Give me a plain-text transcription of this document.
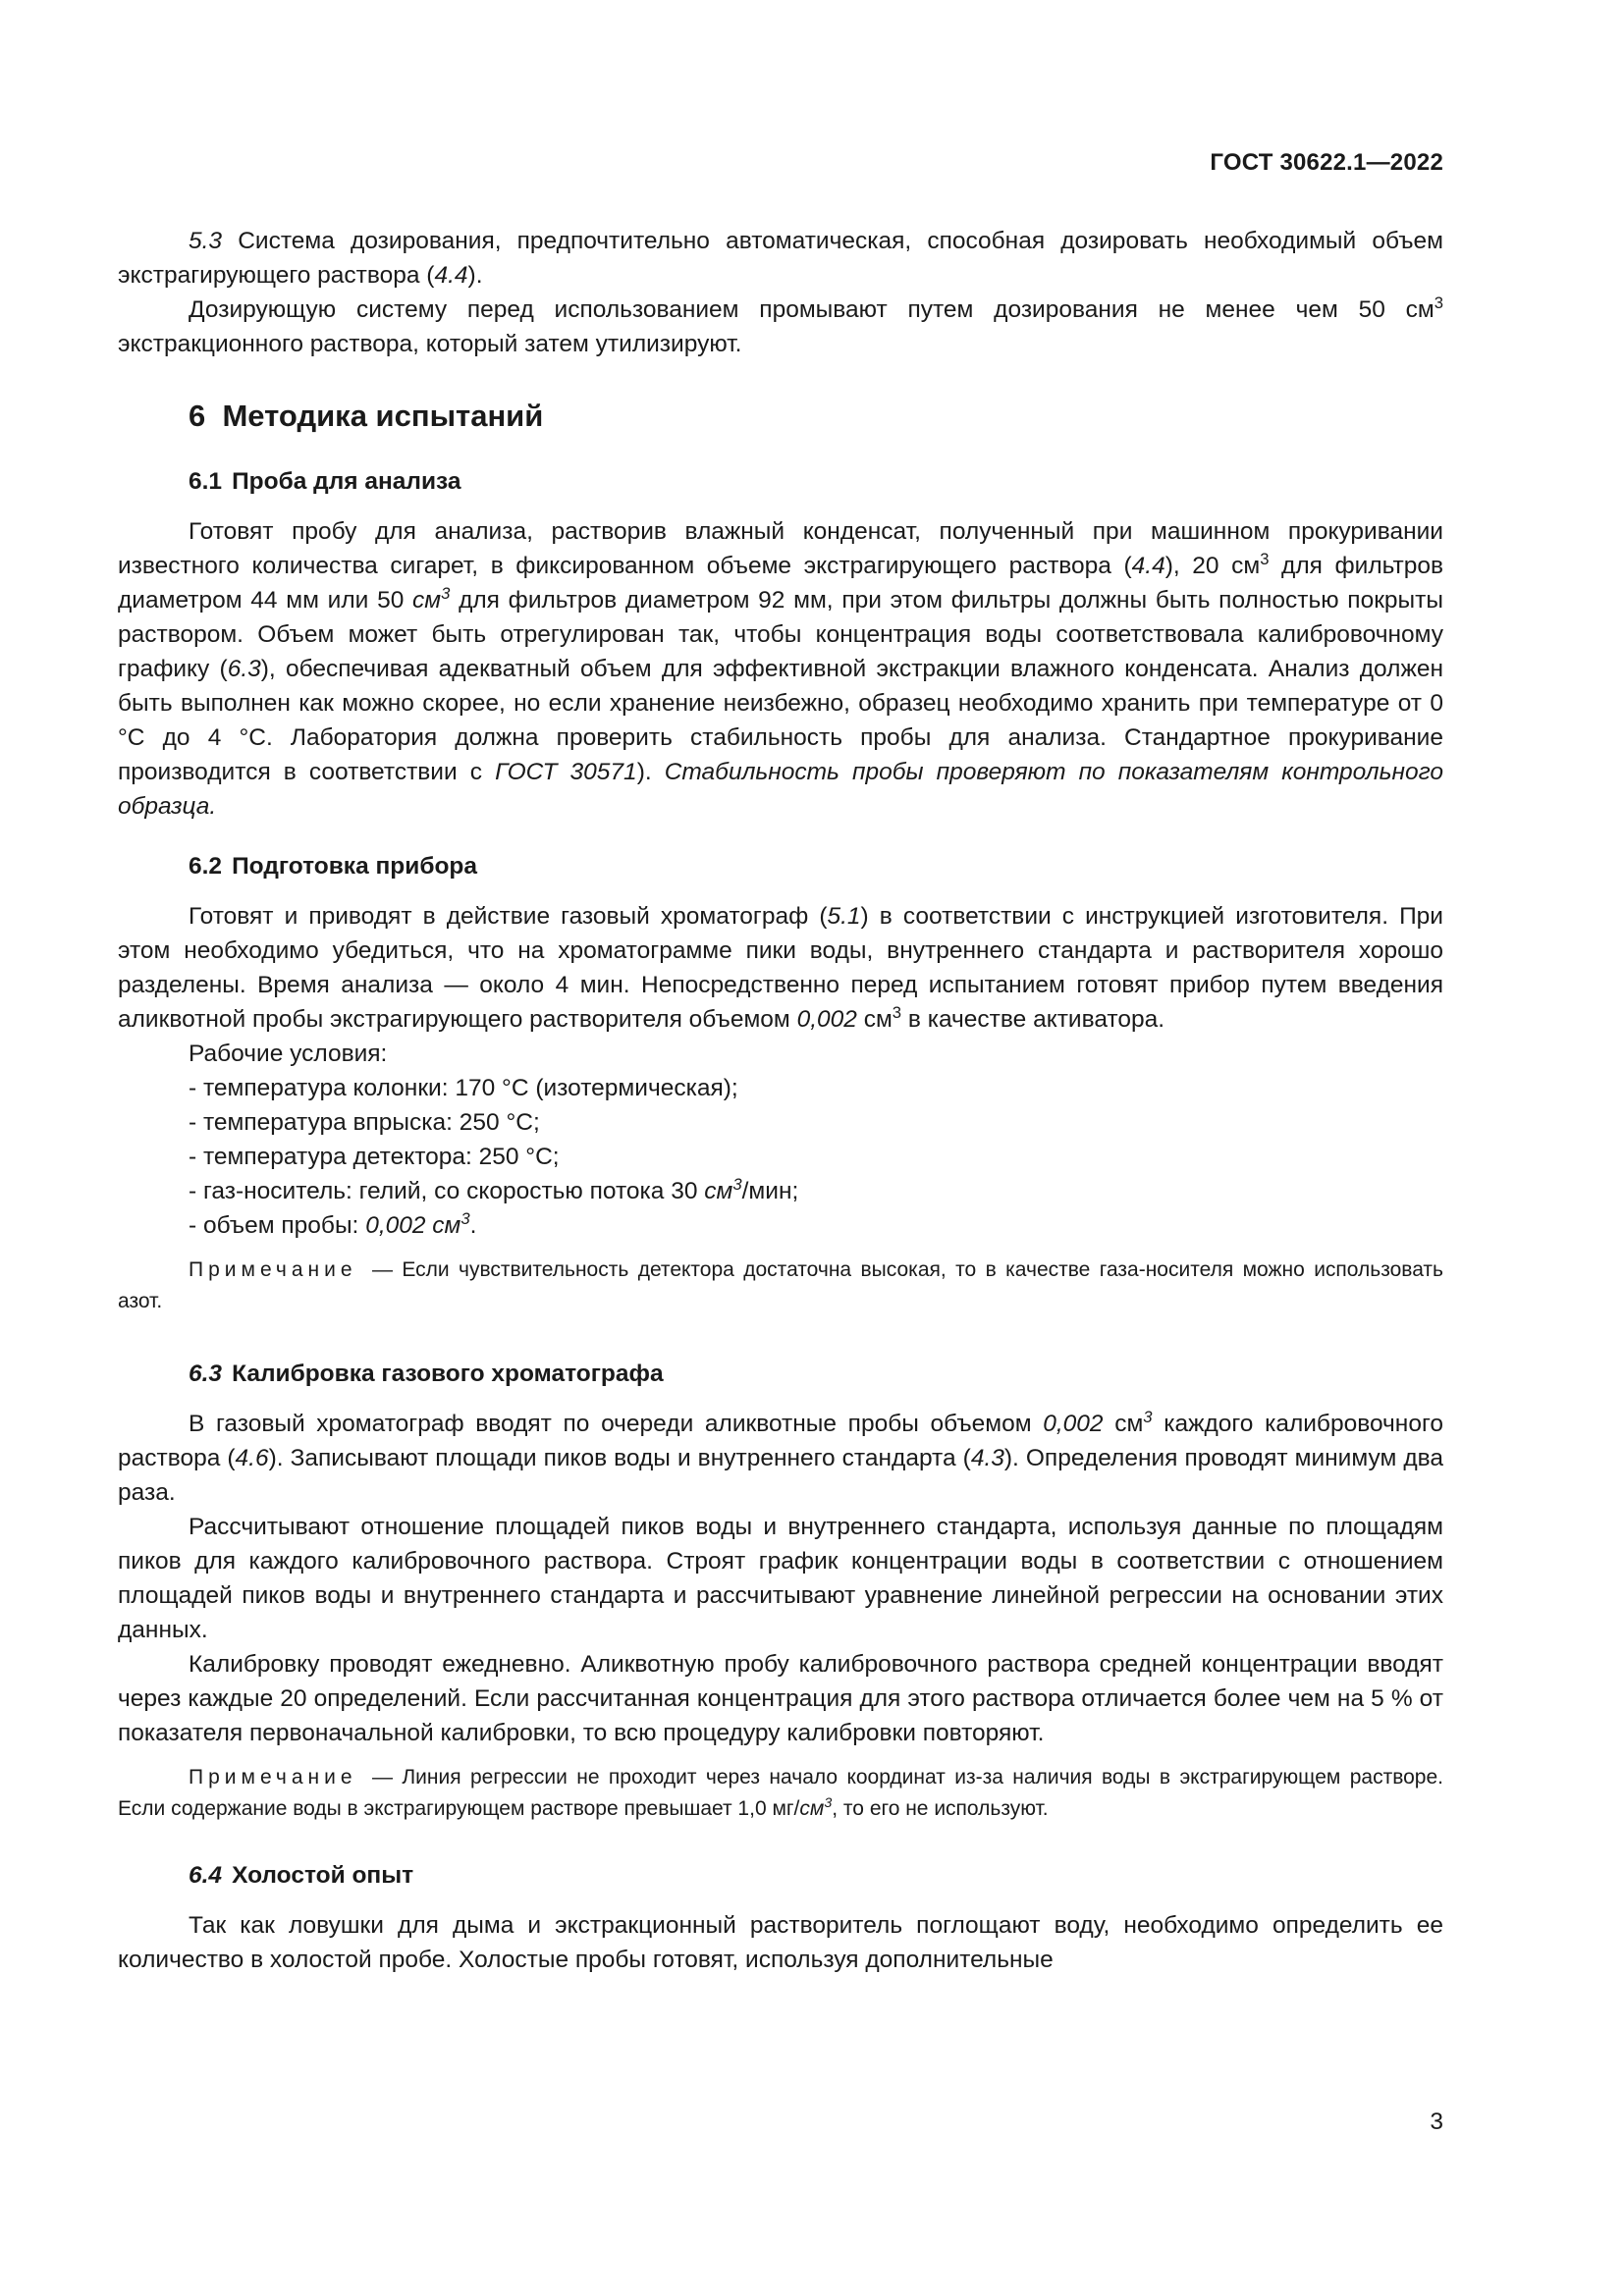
ГОСТ 30622.1—2022

5.3 Система дозирования, предпочтительно автоматическая, способная дозировать необходимый объем экстрагирующего раствора (4.4).

Дозирующую систему перед использованием промывают путем дозирования не менее чем 50 $см^3$ экстракционного раствора, который затем утилизируют.

6 Методика испытаний
6.1 Проба для анализа

Готовят пробу для анализа, растворив влажный конденсат, полученный при машинном прокуривании известного количества сигарет, в фиксированном объеме экстрагирующего раствора (4.4), 20 $см^3$ для фильтров диаметром 44 мм или 50 $см^3$ для фильтров диаметром 92 мм, при этом фильтры должны быть полностью покрыты раствором. Объем может быть отрегулирован так, чтобы концентрация воды соответствовала калибровочному графику (6.3), обеспечивая адекватный объем для эффективной экстракции влажного конденсата. Анализ должен быть выполнен как можно скорее, но если хранение неизбежно, образец необходимо хранить при температуре от 0 °С до 4 °С. Лаборатория должна проверить стабильность пробы для анализа. Стандартное прокуривание производится в соответствии с ГОСТ 30571). Стабильность пробы проверяют по показателям контрольного образца.

6.2 Подготовка прибора

Готовят и приводят в действие газовый хроматограф (5.1) в соответствии с инструкцией изготовителя. При этом необходимо убедиться, что на хроматограмме пики воды, внутреннего стандарта и растворителя хорошо разделены. Время анализа — около 4 мин. Непосредственно перед испытанием готовят прибор путем введения аликвотной пробы экстрагирующего растворителя объемом 0,002 $см^3$ в качестве активатора.

Рабочие условия:

- температура колонки: 170 °С (изотермическая);
- температура впрыска: 250 °С;
- температура детектора: 250 °С;
- газ-носитель: гелий, со скоростью потока 30 $см^3$/мин;
- объем пробы: 0,002 $см^3$.

Примечание — Если чувствительность детектора достаточна высокая, то в качестве газа-носителя можно использовать азот.

6.3 Калибровка газового хроматографа

В газовый хроматограф вводят по очереди аликвотные пробы объемом 0,002 $см^3$ каждого калибровочного раствора (4.6). Записывают площади пиков воды и внутреннего стандарта (4.3). Определения проводят минимум два раза.

Рассчитывают отношение площадей пиков воды и внутреннего стандарта, используя данные по площадям пиков для каждого калибровочного раствора. Строят график концентрации воды в соответствии с отношением площадей пиков воды и внутреннего стандарта и рассчитывают уравнение линейной регрессии на основании этих данных.

Калибровку проводят ежедневно. Аликвотную пробу калибровочного раствора средней концентрации вводят через каждые 20 определений. Если рассчитанная концентрация для этого раствора отличается более чем на 5 % от показателя первоначальной калибровки, то всю процедуру калибровки повторяют.

Примечание — Линия регрессии не проходит через начало координат из-за наличия воды в экстрагирующем растворе. Если содержание воды в экстрагирующем растворе превышает 1,0 $мг/см^3$, то его не используют.

6.4 Холостой опыт

Так как ловушки для дыма и экстракционный растворитель поглощают воду, необходимо определить ее количество в холостой пробе. Холостые пробы готовят, используя дополнительные

3
